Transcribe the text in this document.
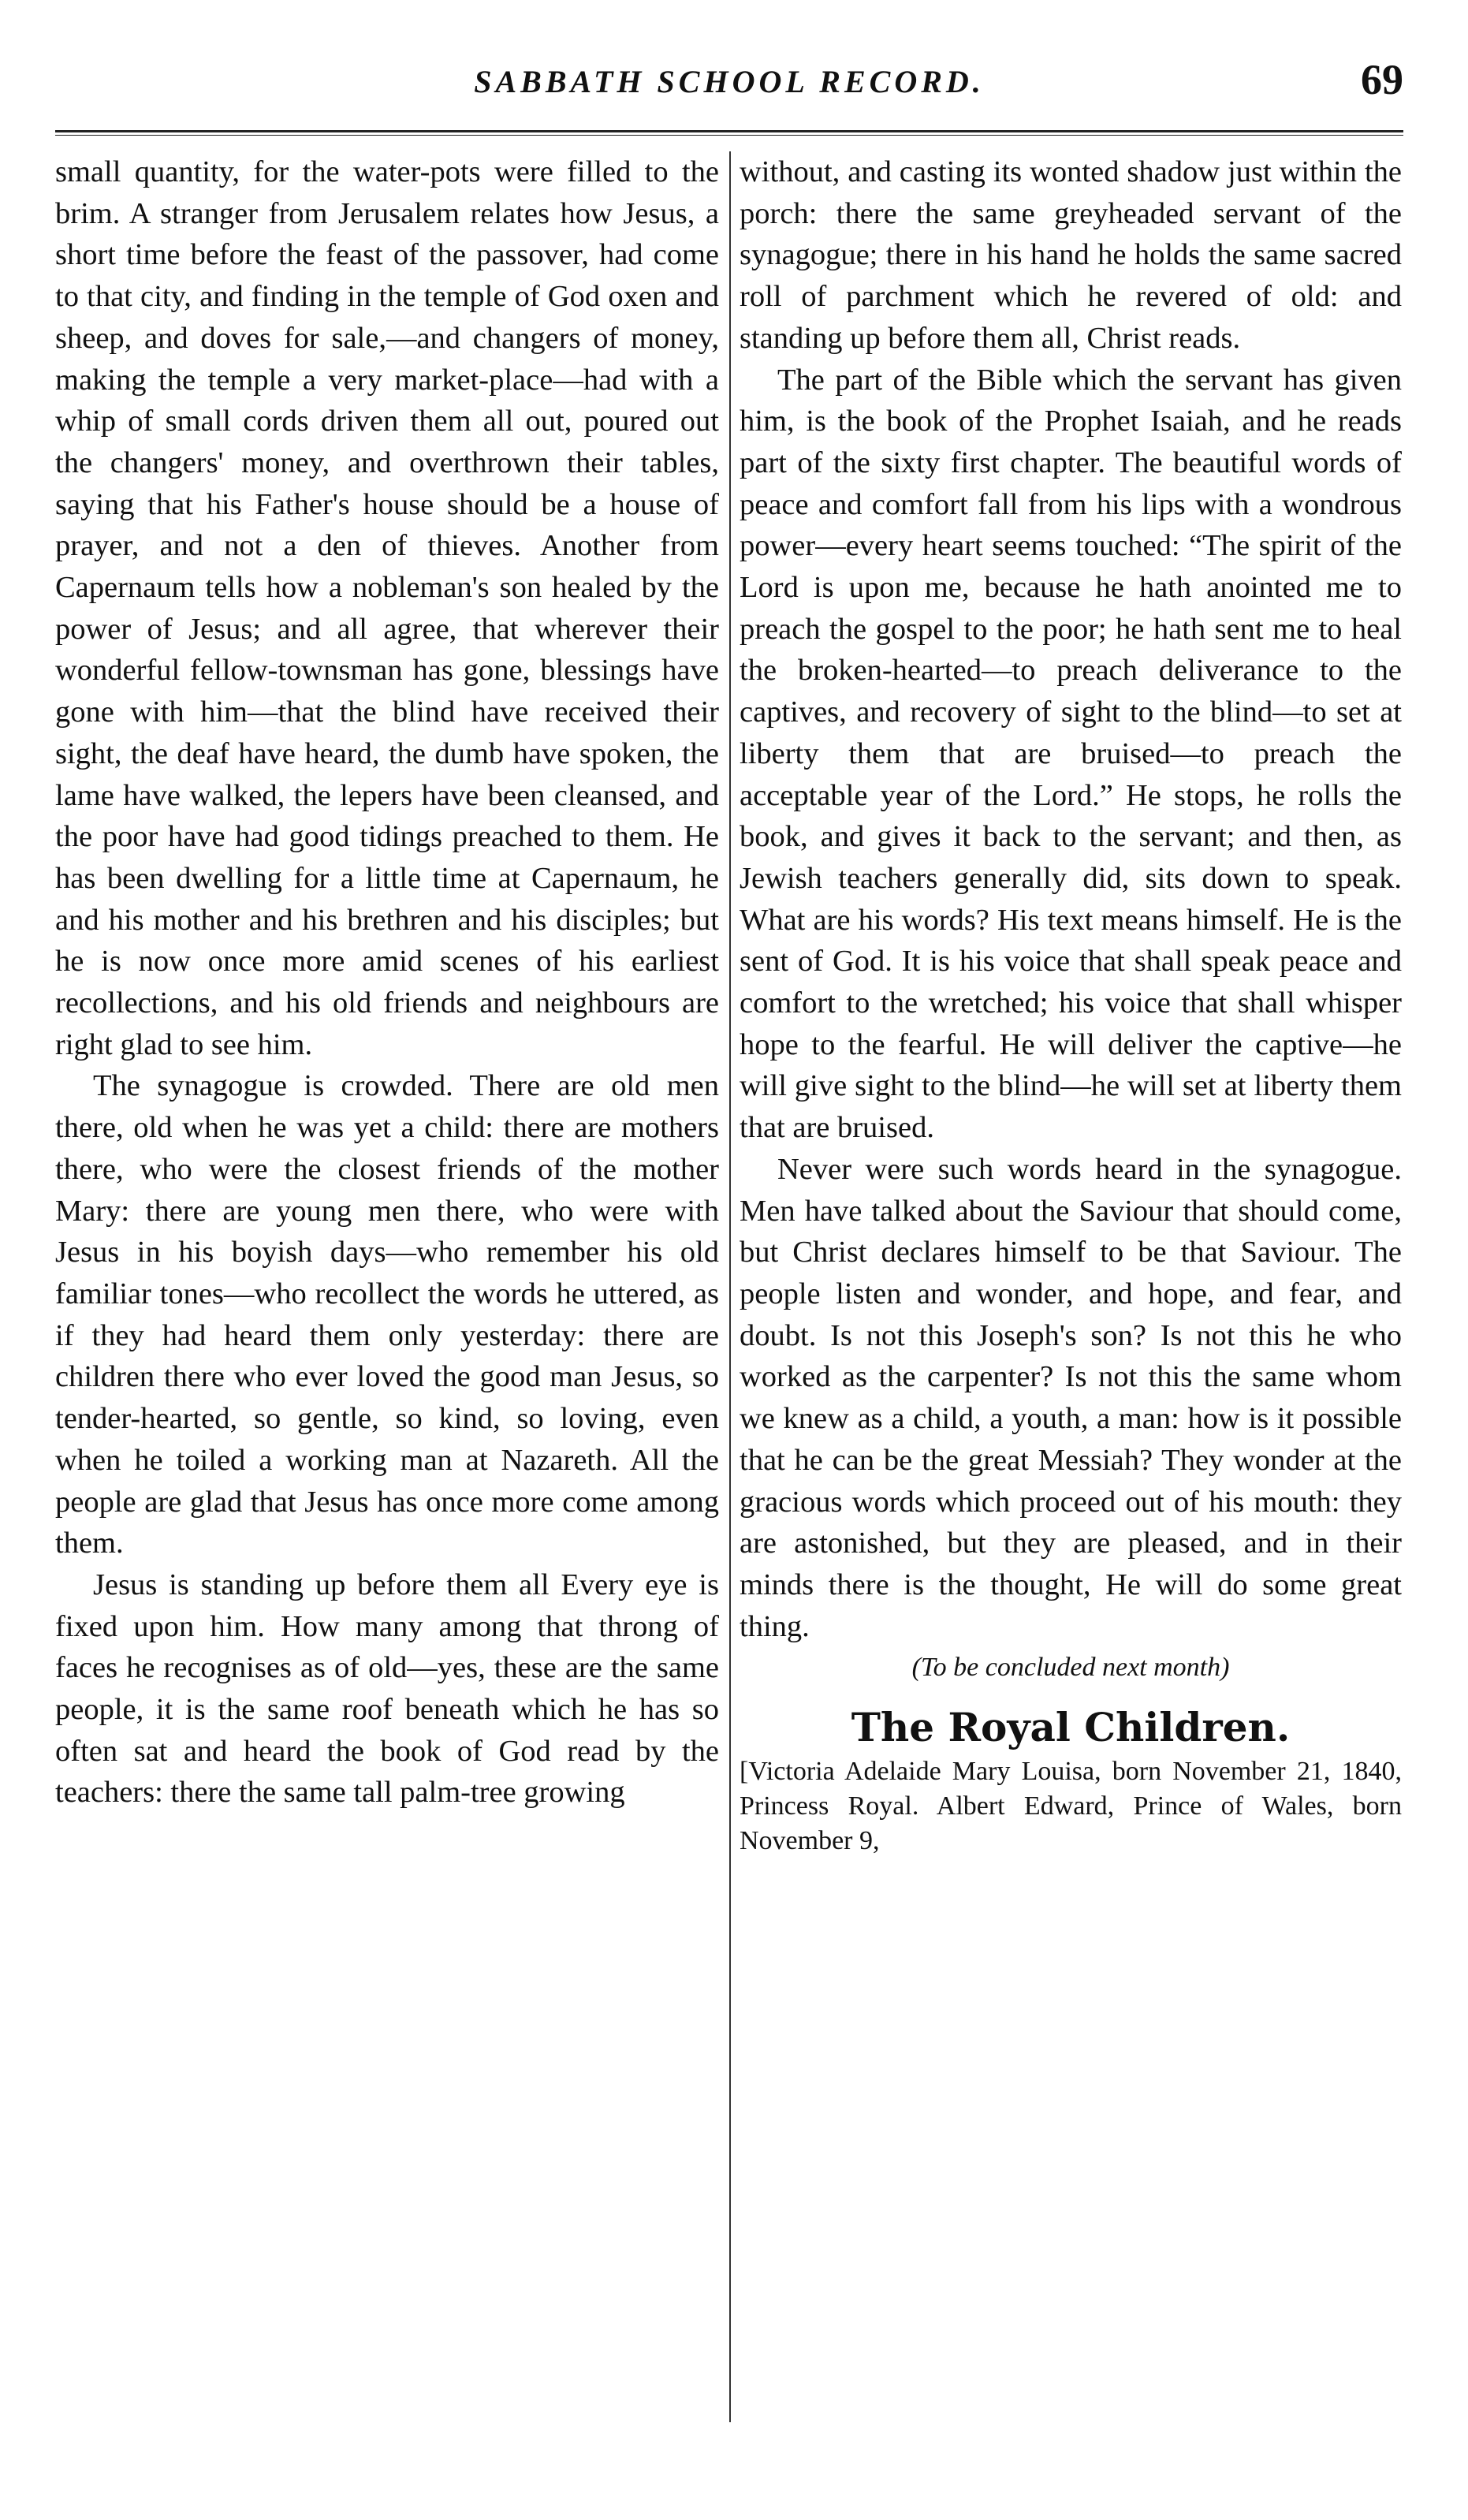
SABBATH SCHOOL RECORD.	69

small quantity, for the water-pots were filled to the brim. A stranger from Jerusalem relates how Jesus, a short time before the feast of the passover, had come to that city, and finding in the temple of God oxen and sheep, and doves for sale,—and changers of money, making the temple a very market-place—had with a whip of small cords driven them all out, poured out the changers' money, and overthrown their tables, saying that his Father's house should be a house of prayer, and not a den of thieves. Another from Capernaum tells how a nobleman's son healed by the power of Jesus; and all agree, that wherever their wonderful fellow-townsman has gone, blessings have gone with him—that the blind have received their sight, the deaf have heard, the dumb have spoken, the lame have walked, the lepers have been cleansed, and the poor have had good tidings preached to them. He has been dwelling for a little time at Capernaum, he and his mother and his brethren and his disciples; but he is now once more amid scenes of his earliest recollections, and his old friends and neighbours are right glad to see him.

The synagogue is crowded. There are old men there, old when he was yet a child: there are mothers there, who were the closest friends of the mother Mary: there are young men there, who were with Jesus in his boyish days—who remember his old familiar tones—who recollect the words he uttered, as if they had heard them only yesterday: there are children there who ever loved the good man Jesus, so tender-hearted, so gentle, so kind, so loving, even when he toiled a working man at Nazareth. All the people are glad that Jesus has once more come among them.

Jesus is standing up before them all Every eye is fixed upon him. How many among that throng of faces he recognises as of old—yes, these are the same people, it is the same roof beneath which he has so often sat and heard the book of God read by the teachers: there the same tall palm-tree growing

without, and casting its wonted shadow just within the porch: there the same greyheaded servant of the synagogue; there in his hand he holds the same sacred roll of parchment which he revered of old: and standing up before them all, Christ reads.

The part of the Bible which the servant has given him, is the book of the Prophet Isaiah, and he reads part of the sixty first chapter. The beautiful words of peace and comfort fall from his lips with a wondrous power—every heart seems touched: “The spirit of the Lord is upon me, because he hath anointed me to preach the gospel to the poor; he hath sent me to heal the broken-hearted—to preach deliverance to the captives, and recovery of sight to the blind—to set at liberty them that are bruised—to preach the acceptable year of the Lord.” He stops, he rolls the book, and gives it back to the servant; and then, as Jewish teachers generally did, sits down to speak. What are his words? His text means himself. He is the sent of God. It is his voice that shall speak peace and comfort to the wretched; his voice that shall whisper hope to the fearful. He will deliver the captive—he will give sight to the blind—he will set at liberty them that are bruised.

Never were such words heard in the synagogue. Men have talked about the Saviour that should come, but Christ declares himself to be that Saviour. The people listen and wonder, and hope, and fear, and doubt. Is not this Joseph's son? Is not this he who worked as the carpenter? Is not this the same whom we knew as a child, a youth, a man: how is it possible that he can be the great Messiah? They wonder at the gracious words which proceed out of his mouth: they are astonished, but they are pleased, and in their minds there is the thought, He will do some great thing.

(To be concluded next month)
The Royal Children.
[Victoria Adelaide Mary Louisa, born November 21, 1840, Princess Royal. Albert Edward, Prince of Wales, born November 9,
